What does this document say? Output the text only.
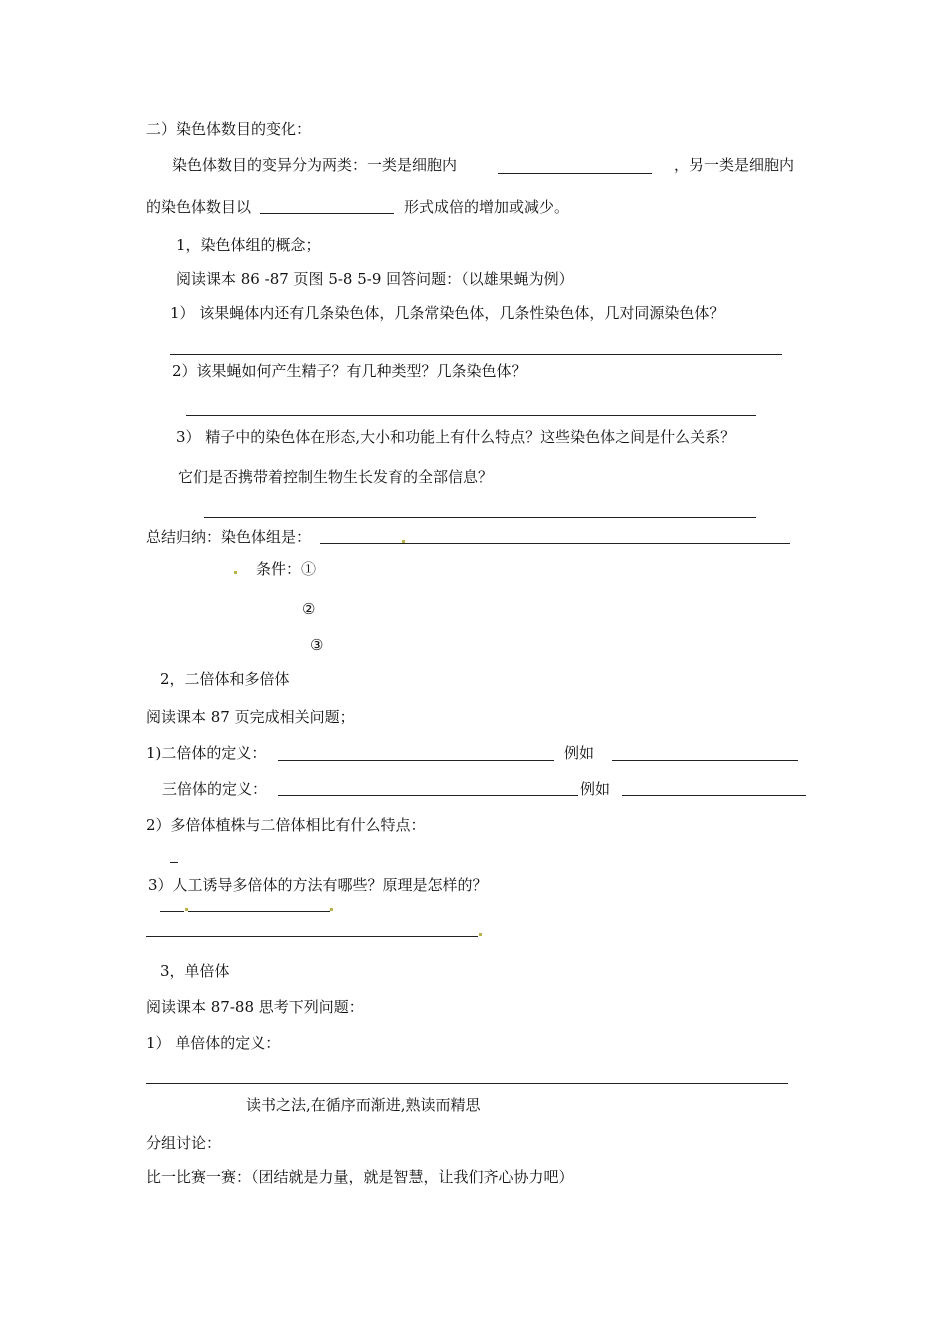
二）染色体数目的变化：
染色体数目的变异分为两类：一类是细胞内	，另一类是细胞内
的染色体数目以	形式成倍的增加或减少。
1，染色体组的概念；
阅读课本 86 -87 页图 5-8 5-9 回答问题：（以雄果蝇为例）
1） 该果蝇体内还有几条染色体，几条常染色体，几条性染色体，几对同源染色体？
2）该果蝇如何产生精子？有几种类型？几条染色体？
3） 精子中的染色体在形态,大小和功能上有什么特点？这些染色体之间是什么关系？
它们是否携带着控制生物生长发育的全部信息？
总结归纳：染色体组是：
条件：①
②
③
2，二倍体和多倍体
阅读课本 87 页完成相关问题；
1)二倍体的定义：	例如
三倍体的定义：	例如
2）多倍体植株与二倍体相比有什么特点：
3）人工诱导多倍体的方法有哪些？原理是怎样的？
3，单倍体
阅读课本 87-88 思考下列问题：
1） 单倍体的定义：
读书之法,在循序而渐进,熟读而精思
分组讨论：
比一比赛一赛：（团结就是力量，就是智慧，让我们齐心协力吧）
